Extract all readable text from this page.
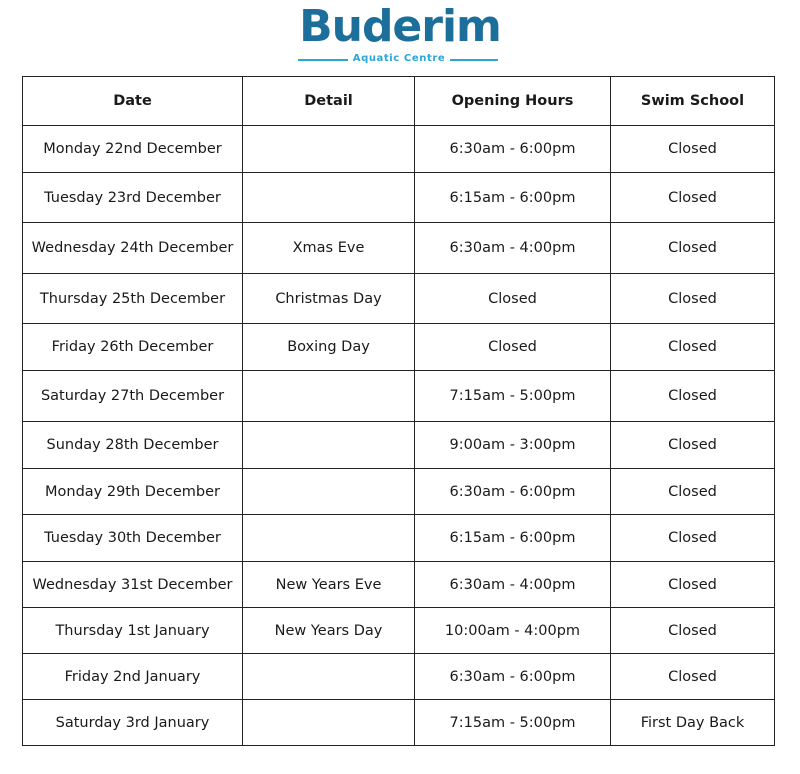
Buderim
Aquatic Centre
Date	Detail	Opening Hours	Swim School
Monday 22nd December		6:30am - 6:00pm	Closed
Tuesday 23rd December		6:15am - 6:00pm	Closed
Wednesday 24th December	Xmas Eve	6:30am - 4:00pm	Closed
Thursday 25th December	Christmas Day	Closed	Closed
Friday 26th December	Boxing Day	Closed	Closed
Saturday 27th December		7:15am - 5:00pm	Closed
Sunday 28th December		9:00am - 3:00pm	Closed
Monday 29th December		6:30am - 6:00pm	Closed
Tuesday 30th December		6:15am - 6:00pm	Closed
Wednesday 31st December	New Years Eve	6:30am - 4:00pm	Closed
Thursday 1st January	New Years Day	10:00am - 4:00pm	Closed
Friday 2nd January		6:30am - 6:00pm	Closed
Saturday 3rd January		7:15am - 5:00pm	First Day Back
